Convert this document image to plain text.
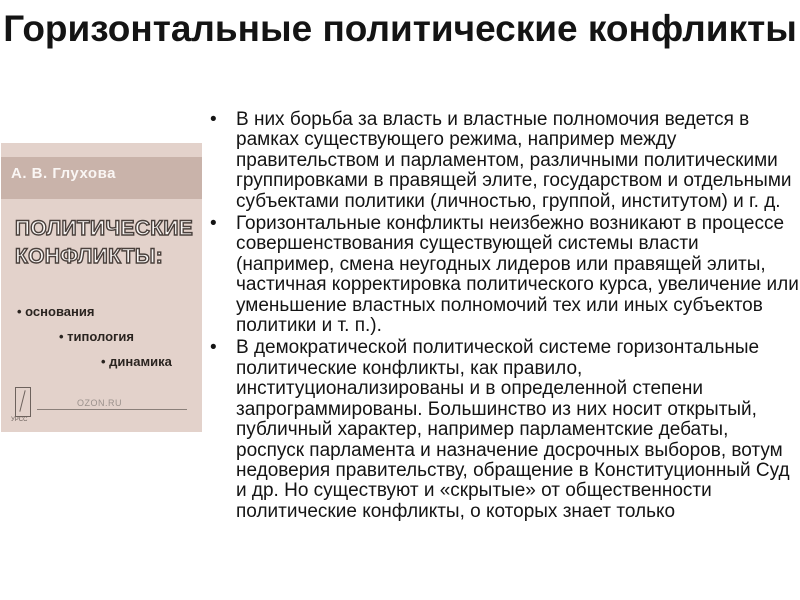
Горизонтальные политические конфликты
А. В. Глухова
ПОЛИТИЧЕСКИЕ КОНФЛИКТЫ:
• основания
• типология
• динамика
УРСС
OZON.RU
• В них борьба за власть и властные полномочия ведется в рамках существующего режима, например между правительством и парламентом, различными политическими группировками в правящей элите, государством и отдельными субъектами политики (личностью, группой, институтом) и г. д.
• Горизонтальные конфликты неизбежно возникают в процессе совершенствования существующей системы власти (например, смена неугодных лидеров или правящей элиты, частичная корректировка политического курса, увеличение или уменьшение властных полномочий тех или иных субъектов политики и т. п.).
• В демократической политической системе горизонтальные политические конфликты, как правило, институционализированы и в определенной степени запрограммированы. Большинство из них носит открытый, публичный характер, например парламентские дебаты, роспуск парламента и назначение досрочных выборов, вотум недоверия правительству, обращение в Конституционный Суд и др. Но существуют и «скрытые» от общественности политические конфликты, о которых знает только
